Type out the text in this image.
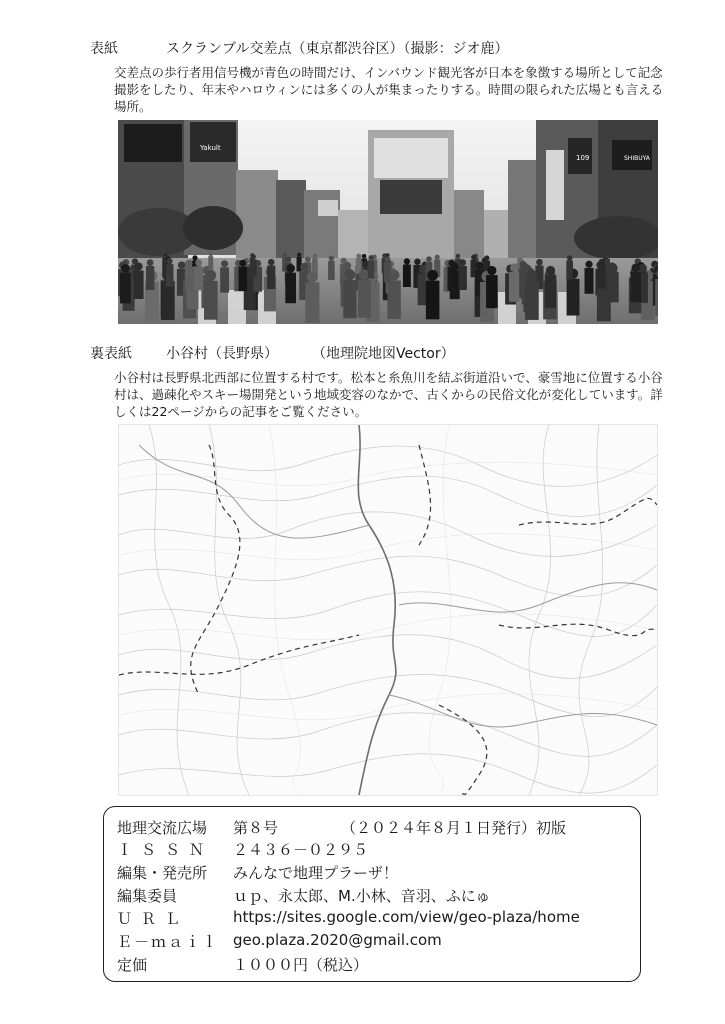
表紙	スクランブル交差点（東京都渋谷区）（撮影：ジオ鹿）

交差点の歩行者用信号機が青色の時間だけ、インバウンド観光客が日本を象徴する場所として記念撮影をしたり、年末やハロウィンには多くの人が集まったりする。時間の限られた広場とも言える場所。

Yakult
SHIBUYA
109
裏表紙 小谷村（長野県） （地理院地図Vector）

小谷村は長野県北西部に位置する村です。松本と糸魚川を結ぶ街道沿いで、豪雪地に位置する小谷村は、過疎化やスキー場開発という地域変容のなかで、古くからの民俗文化が変化しています。詳しくは22ページからの記事をご覧ください。

地理交流広場 第８号	（２０２４年８月１日発行）初版
ＩＳＳＮ ２４３６－０２９５
編集・発売所 みんなで地理プラーザ！
編集委員	ｕｐ、永太郎、M.小林、音羽、ふにゅ
ＵＲＬ	https://sites.google.com/view/geo-plaza/home
Ｅ－ｍａｉｌ geo.plaza.2020@gmail.com
定価	１０００円（税込）
